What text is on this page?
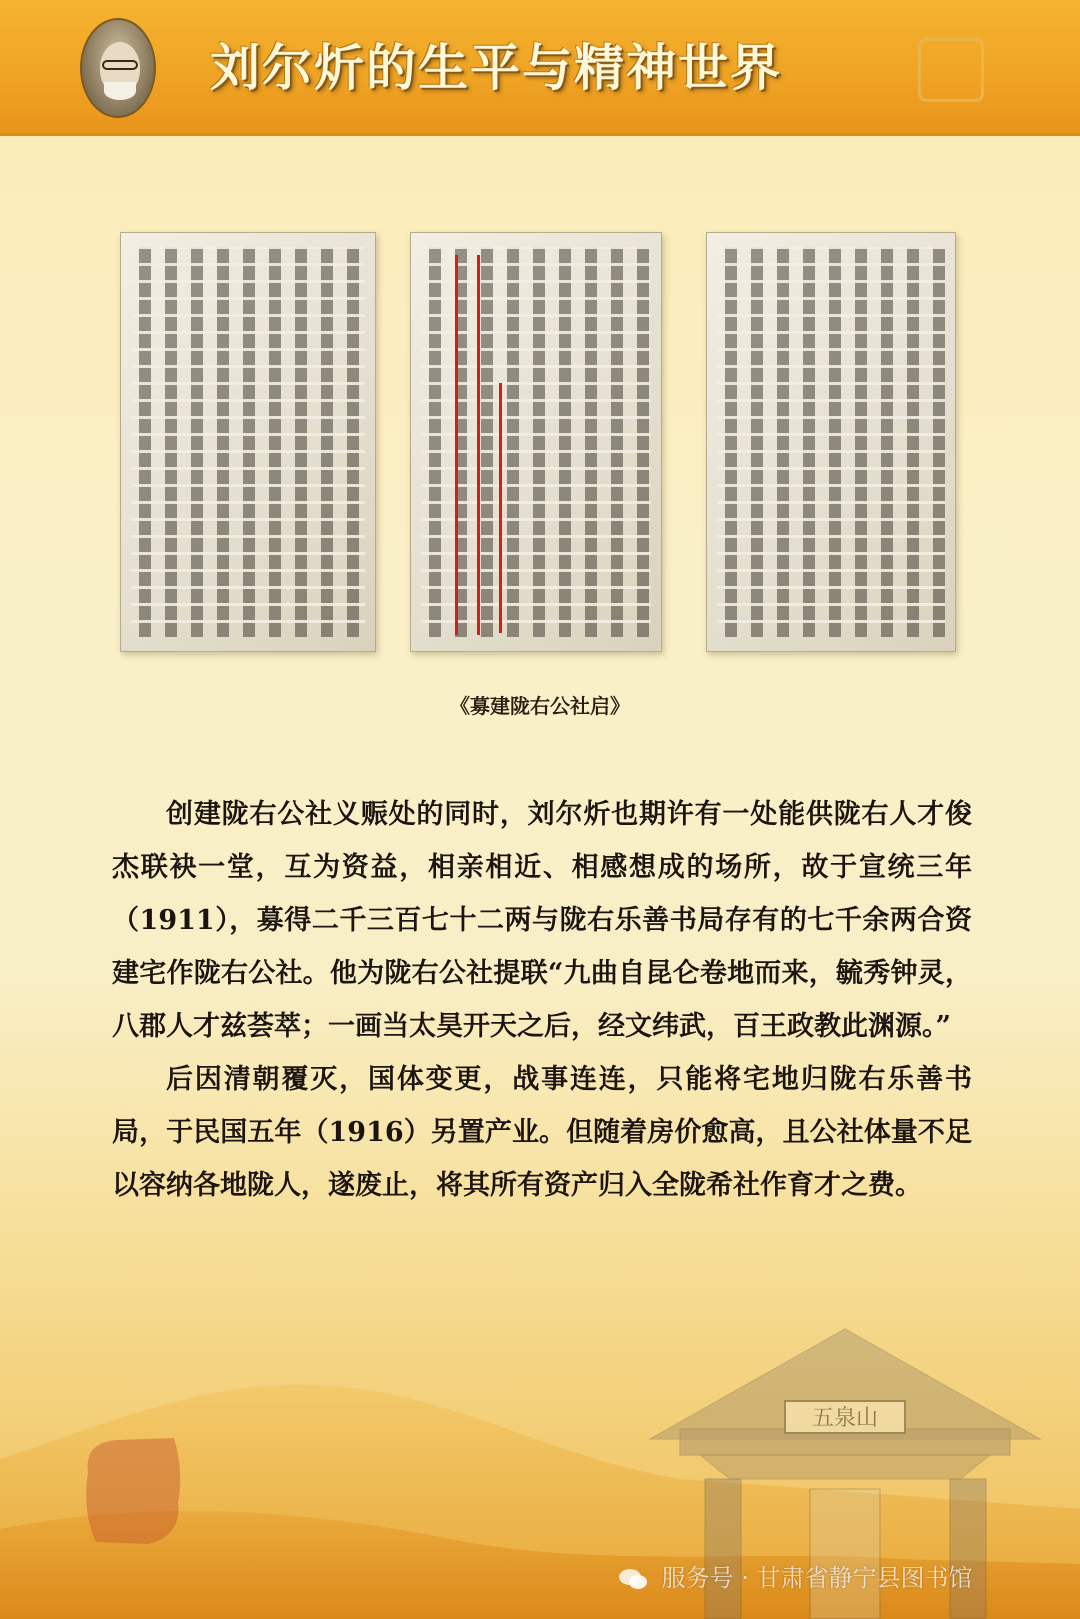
刘尔炘的生平与精神世界
《募建陇右公社启》

创建陇右公社义赈处的同时，刘尔炘也期许有一处能供陇右人才俊杰联袂一堂，互为资益，相亲相近、相感想成的场所，故于宣统三年（1911），募得二千三百七十二两与陇右乐善书局存有的七千余两合资建宅作陇右公社。他为陇右公社提联“九曲自昆仑卷地而来，毓秀钟灵，八郡人才兹荟萃；一画当太昊开天之后，经文纬武，百王政教此渊源。”

后因清朝覆灭，国体变更，战事连连，只能将宅地归陇右乐善书局，于民国五年（1916）另置产业。但随着房价愈高，且公社体量不足以容纳各地陇人，遂废止，将其所有资产归入全陇希社作育才之费。

五泉山
服务号 · 甘肃省静宁县图书馆
